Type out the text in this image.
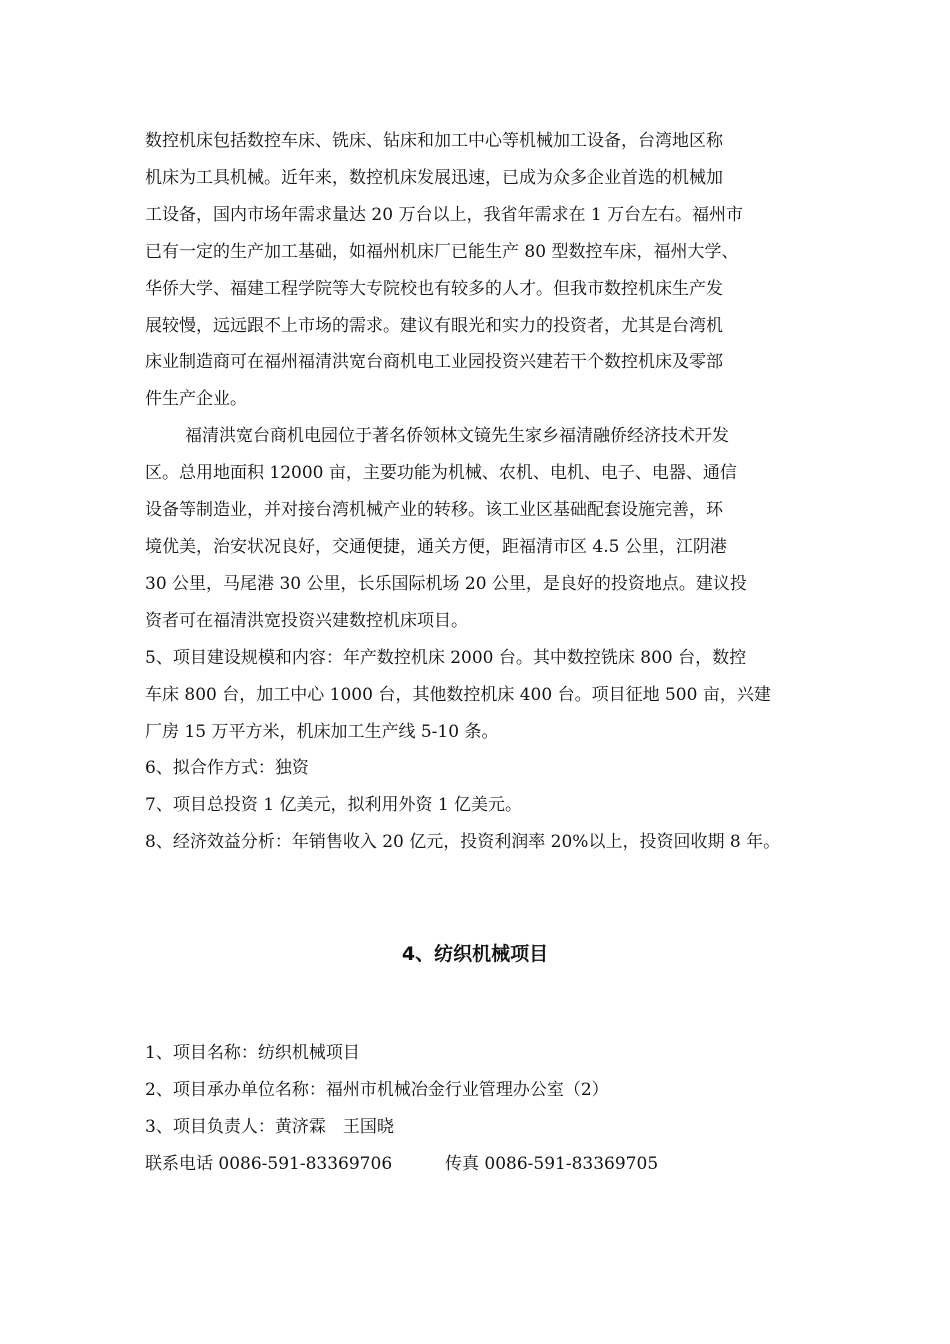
数控机床包括数控车床、铣床、钻床和加工中心等机械加工设备，台湾地区称
机床为工具机械。近年来，数控机床发展迅速，已成为众多企业首选的机械加
工设备，国内市场年需求量达 20 万台以上，我省年需求在 1 万台左右。福州市
已有一定的生产加工基础，如福州机床厂已能生产 80 型数控车床，福州大学、
华侨大学、福建工程学院等大专院校也有较多的人才。但我市数控机床生产发
展较慢，远远跟不上市场的需求。建议有眼光和实力的投资者，尤其是台湾机
床业制造商可在福州福清洪宽台商机电工业园投资兴建若干个数控机床及零部
件生产企业。

福清洪宽台商机电园位于著名侨领林文镜先生家乡福清融侨经济技术开发
区。总用地面积 12000 亩，主要功能为机械、农机、电机、电子、电器、通信
设备等制造业，并对接台湾机械产业的转移。该工业区基础配套设施完善，环
境优美，治安状况良好，交通便捷，通关方便，距福清市区 4.5 公里，江阴港
30 公里，马尾港 30 公里，长乐国际机场 20 公里，是良好的投资地点。建议投
资者可在福清洪宽投资兴建数控机床项目。

5、项目建设规模和内容：年产数控机床 2000 台。其中数控铣床 800 台，数控
车床 800 台，加工中心 1000 台，其他数控机床 400 台。项目征地 500 亩，兴建
厂房 15 万平方米，机床加工生产线 5-10 条。

6、拟合作方式：独资

7、项目总投资 1 亿美元，拟利用外资 1 亿美元。

8、经济效益分析：年销售收入 20 亿元，投资利润率 20%以上，投资回收期 8 年。

4、纺织机械项目

1、项目名称：纺织机械项目
2、项目承办单位名称：福州市机械冶金行业管理办公室（2）
3、项目负责人：黄济霖　王国晓

联系电话 0086-591-83369706	传真 0086-591-83369705
